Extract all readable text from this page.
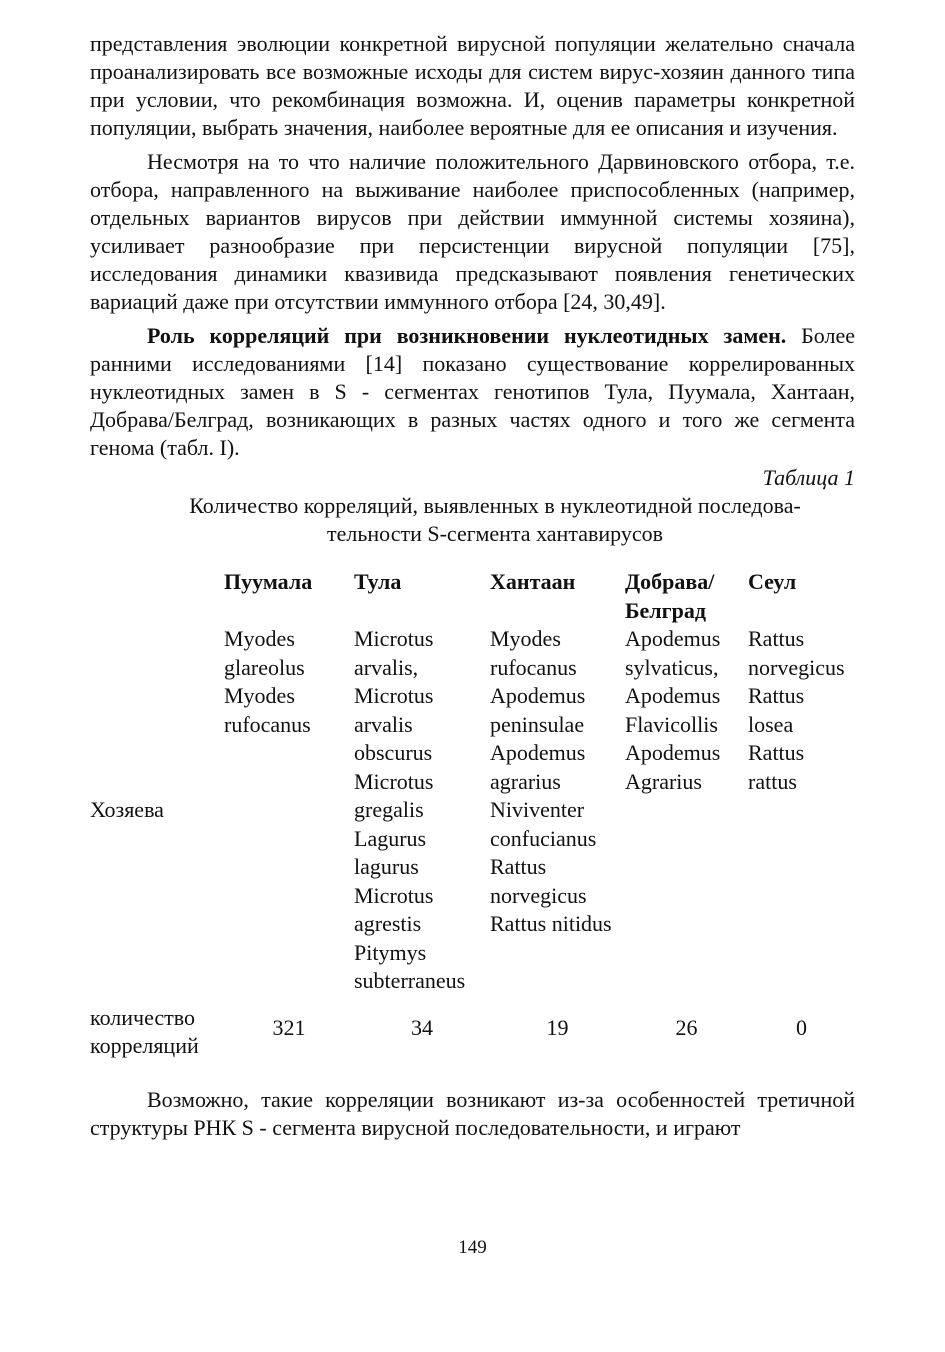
представления эволюции конкретной вирусной популяции желательно сначала проанализировать все возможные исходы для систем вирус-хозяин данного типа при условии, что рекомбинация возможна. И, оценив параметры конкретной популяции, выбрать значения, наиболее вероятные для ее описания и изучения.

Несмотря на то что наличие положительного Дарвиновского отбора, т.е. отбора, направленного на выживание наиболее приспособленных (например, отдельных вариантов вирусов при действии иммунной системы хозяина), усиливает разнообразие при персистенции вирусной популяции [75], исследования динамики квазивида предсказывают появления генетических вариаций даже при отсутствии иммунного отбора [24, 30,49].

Роль корреляций при возникновении нуклеотидных замен. Более ранними исследованиями [14] показано существование коррелированных нуклеотидных замен в S - сегментах генотипов Тула, Пуумала, Хантаан, Добрава/Белград, возникающих в разных частях одного и того же сегмента генома (табл. I).

Таблица 1

Количество корреляций, выявленных в нуклеотидной последова-

тельности S-сегмента хантавирусов

	Пуумала	Тула	Хантаан	Добрава/ Белград	Сеул
Хозяева	Myodes glareolus Myodes rufocanus	Microtus arvalis, Microtus arvalis obscurus Microtus gregalis Lagurus lagurus Microtus agrestis Pitymys subterraneus	Myodes rufocanus Apodemus peninsulae Apodemus agrarius Niviventer confucianus Rattus norvegicus Rattus nitidus	Apodemus sylvaticus, Apodemus Flavicollis Apodemus Agrarius	Rattus norvegicus Rattus losea Rattus rattus
количество корреляций	321	34	19	26	0

Возможно, такие корреляции возникают из-за особенностей третичной структуры РНК S - сегмента вирусной последовательности, и играют

149
